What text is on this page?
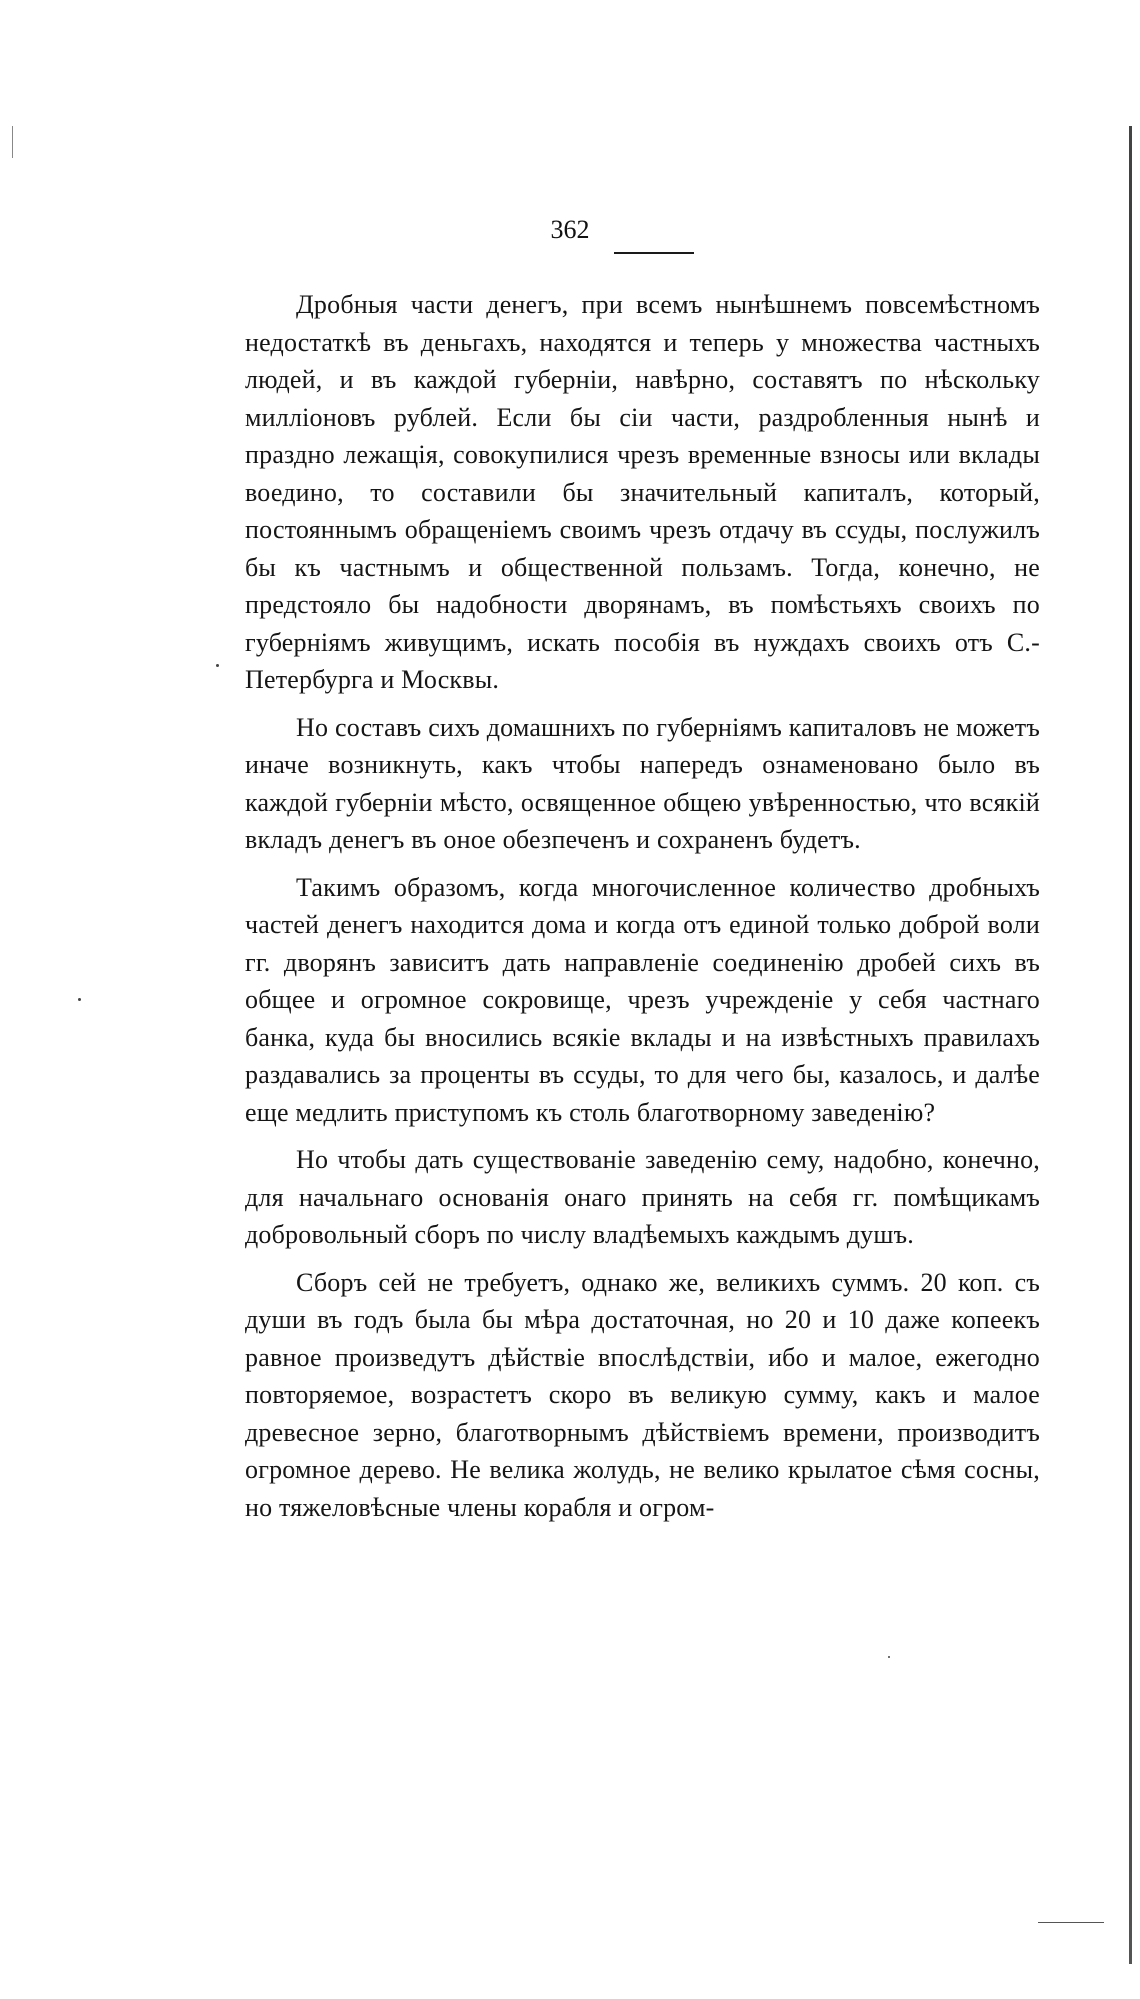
362

Дробныя части денегъ, при всемъ нынѣшнемъ повсемѣстномъ недостаткѣ въ деньгахъ, находятся и теперь у множества частныхъ людей, и въ каждой губерніи, навѣрно, составятъ по нѣскольку милліоновъ рублей. Если бы сіи части, раздробленныя нынѣ и праздно лежащія, совокупилися чрезъ временные взносы или вклады воедино, то составили бы значительный капиталъ, который, постояннымъ обращеніемъ своимъ чрезъ отдачу въ ссуды, послужилъ бы къ частнымъ и общественной пользамъ. Тогда, конечно, не предстояло бы надобности дворянамъ, въ помѣстьяхъ своихъ по губерніямъ живущимъ, искать пособія въ нуждахъ своихъ отъ С.-Петербурга и Москвы.

Но составъ сихъ домашнихъ по губерніямъ капиталовъ не можетъ иначе возникнуть, какъ чтобы напередъ ознаменовано было въ каждой губерніи мѣсто, освященное общею увѣренностью, что всякій вкладъ денегъ въ оное обезпеченъ и сохраненъ будетъ.

Такимъ образомъ, когда многочисленное количество дробныхъ частей денегъ находится дома и когда отъ единой только доброй воли гг. дворянъ зависитъ дать направленіе соединенію дробей сихъ въ общее и огромное сокровище, чрезъ учрежденіе у себя частнаго банка, куда бы вносились всякіе вклады и на извѣстныхъ правилахъ раздавались за проценты въ ссуды, то для чего бы, казалось, и далѣе еще медлить приступомъ къ столь благотворному заведенію?

Но чтобы дать существованіе заведенію сему, надобно, конечно, для начальнаго основанія онаго принять на себя гг. помѣщикамъ добровольный сборъ по числу владѣемыхъ каждымъ душъ.

Сборъ сей не требуетъ, однако же, великихъ суммъ. 20 коп. съ души въ годъ была бы мѣра достаточная, но 20 и 10 даже копеекъ равное произведутъ дѣйствіе впослѣдствіи, ибо и малое, ежегодно повторяемое, возрастетъ скоро въ великую сумму, какъ и малое древесное зерно, благотворнымъ дѣйствіемъ времени, производитъ огромное дерево. Не велика жолудь, не велико крылатое сѣмя сосны, но тяжеловѣсные члены корабля и огром-
